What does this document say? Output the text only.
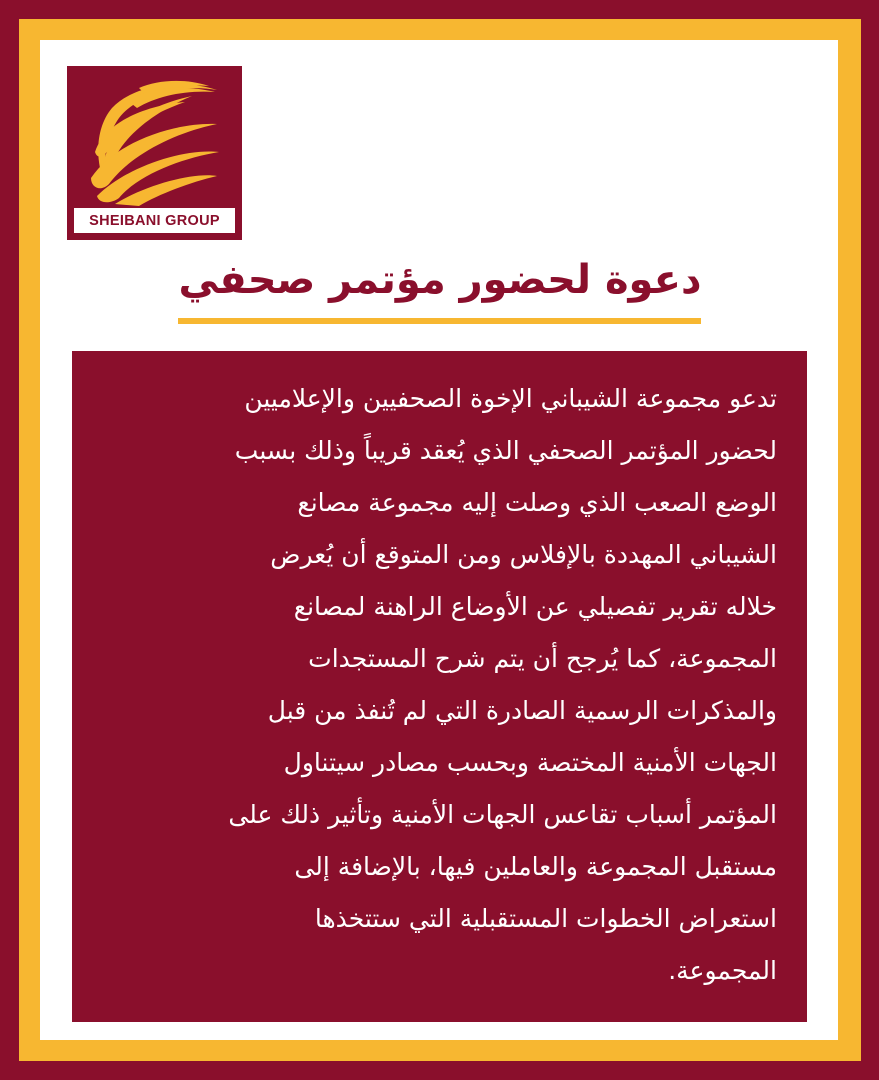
SHEIBANI GROUP
دعوة لحضور مؤتمر صحفي
تدعو مجموعة الشيباني الإخوة الصحفيين والإعلاميين
لحضور المؤتمر الصحفي الذي يُعقد قريباً وذلك بسبب
الوضع الصعب الذي وصلت إليه مجموعة مصانع
الشيباني المهددة بالإفلاس ومن المتوقع أن يُعرض
خلاله تقرير تفصيلي عن الأوضاع الراهنة لمصانع
المجموعة، كما يُرجح أن يتم شرح المستجدات
والمذكرات الرسمية الصادرة التي لم تُنفذ من قبل
الجهات الأمنية المختصة وبحسب مصادر سيتناول
المؤتمر أسباب تقاعس الجهات الأمنية وتأثير ذلك على
مستقبل المجموعة والعاملين فيها، بالإضافة إلى
استعراض الخطوات المستقبلية التي ستتخذها
المجموعة.
